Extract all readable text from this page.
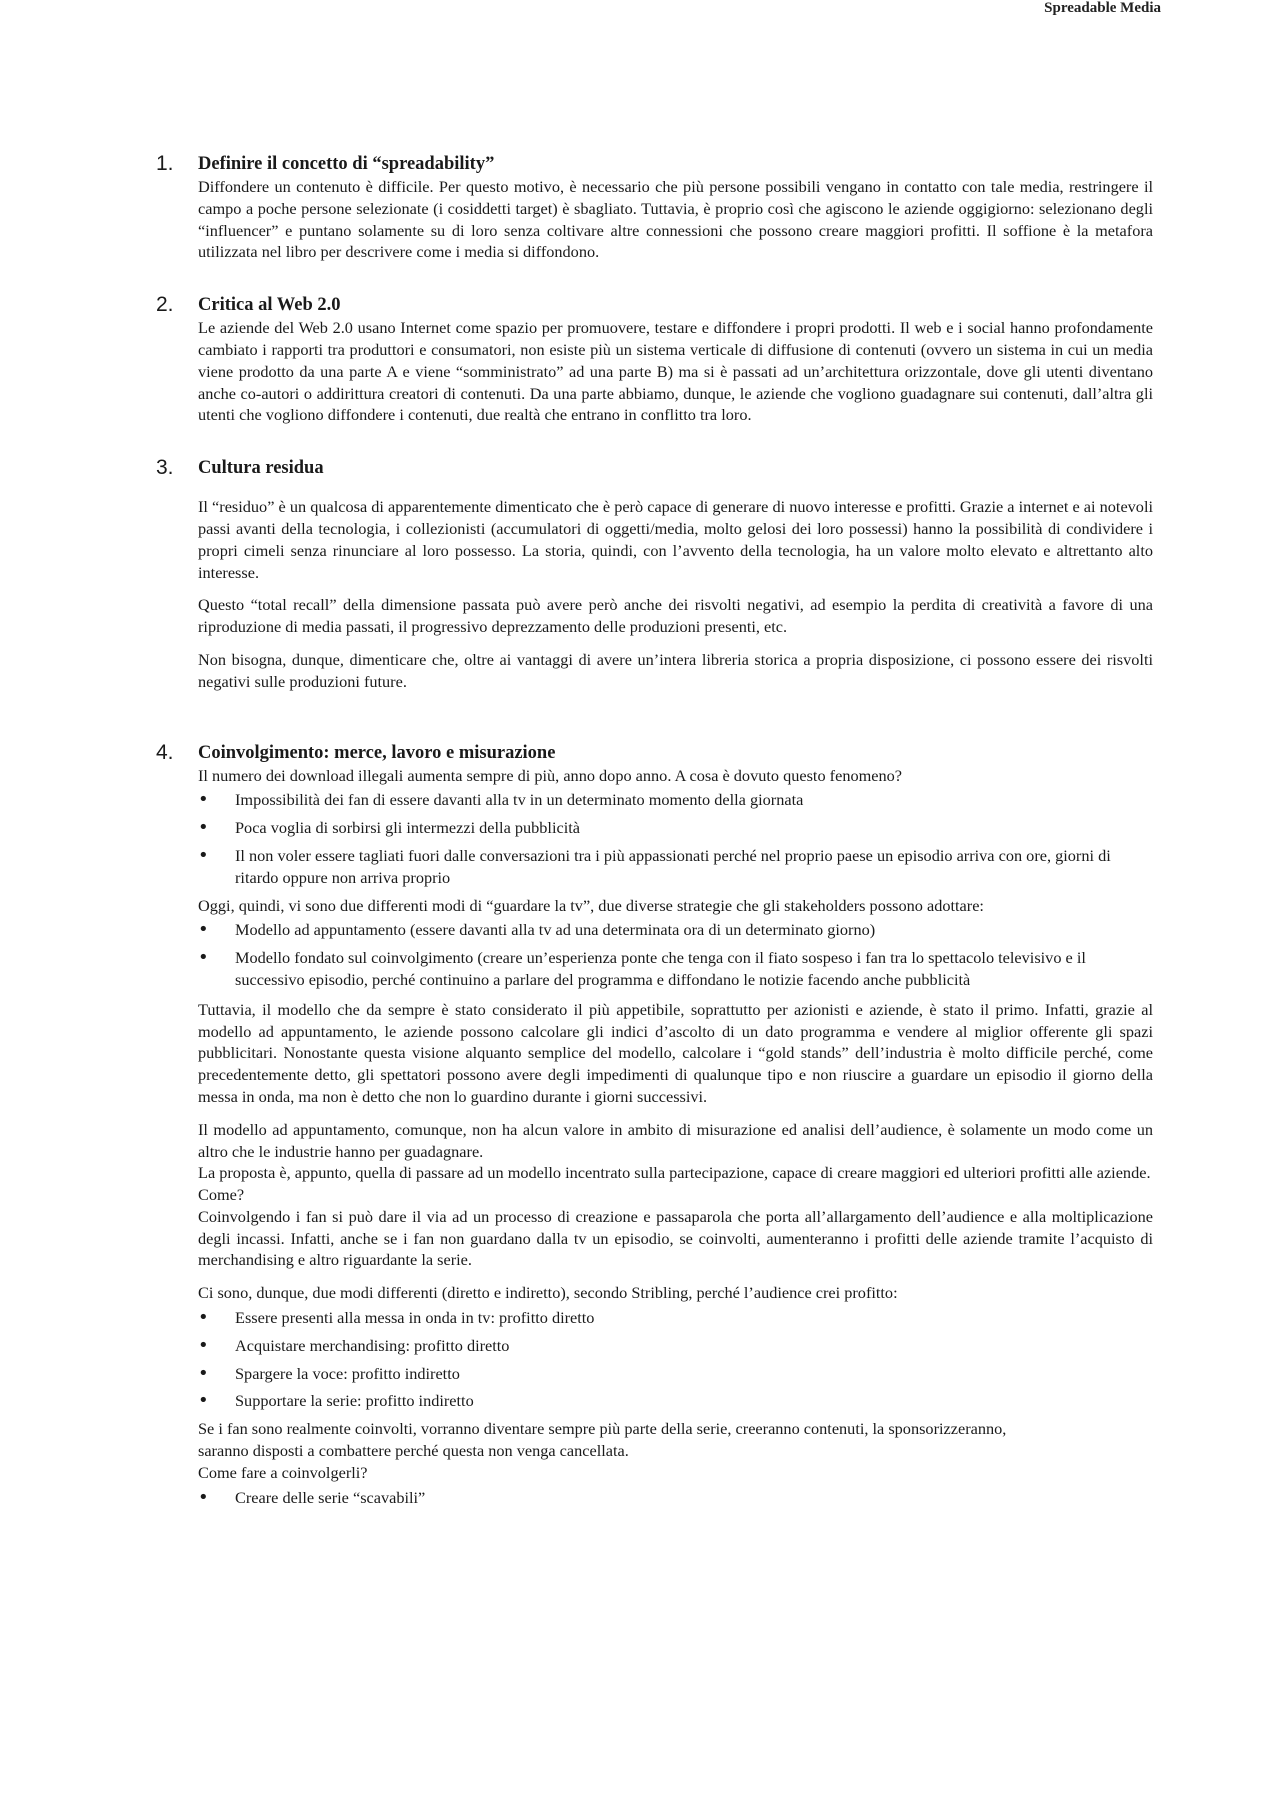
Spreadable Media
1. Definire il concetto di “spreadability”

Diffondere un contenuto è difficile. Per questo motivo, è necessario che più persone possibili vengano in contatto con tale media, restringere il campo a poche persone selezionate (i cosiddetti target) è sbagliato. Tuttavia, è proprio così che agiscono le aziende oggigiorno: selezionano degli “influencer” e puntano solamente su di loro senza coltivare altre connessioni che possono creare maggiori profitti. Il soffione è la metafora utilizzata nel libro per descrivere come i media si diffondono.

2. Critica al Web 2.0

Le aziende del Web 2.0 usano Internet come spazio per promuovere, testare e diffondere i propri prodotti. Il web e i social hanno profondamente cambiato i rapporti tra produttori e consumatori, non esiste più un sistema verticale di diffusione di contenuti (ovvero un sistema in cui un media viene prodotto da una parte A e viene “somministrato” ad una parte B) ma si è passati ad un’architettura orizzontale, dove gli utenti diventano anche co-autori o addirittura creatori di contenuti. Da una parte abbiamo, dunque, le aziende che vogliono guadagnare sui contenuti, dall’altra gli utenti che vogliono diffondere i contenuti, due realtà che entrano in conflitto tra loro.

3. Cultura residua

Il “residuo” è un qualcosa di apparentemente dimenticato che è però capace di generare di nuovo interesse e profitti. Grazie a internet e ai notevoli passi avanti della tecnologia, i collezionisti (accumulatori di oggetti/media, molto gelosi dei loro possessi) hanno la possibilità di condividere i propri cimeli senza rinunciare al loro possesso. La storia, quindi, con l’avvento della tecnologia, ha un valore molto elevato e altrettanto alto interesse.

Questo “total recall” della dimensione passata può avere però anche dei risvolti negativi, ad esempio la perdita di creatività a favore di una riproduzione di media passati, il progressivo deprezzamento delle produzioni presenti, etc.

Non bisogna, dunque, dimenticare che, oltre ai vantaggi di avere un’intera libreria storica a propria disposizione, ci possono essere dei risvolti negativi sulle produzioni future.

4. Coinvolgimento: merce, lavoro e misurazione

Il numero dei download illegali aumenta sempre di più, anno dopo anno. A cosa è dovuto questo fenomeno?

• Impossibilità dei fan di essere davanti alla tv in un determinato momento della giornata
• Poca voglia di sorbirsi gli intermezzi della pubblicità
• Il non voler essere tagliati fuori dalle conversazioni tra i più appassionati perché nel proprio paese un episodio arriva con ore, giorni di ritardo oppure non arriva proprio

Oggi, quindi, vi sono due differenti modi di “guardare la tv”, due diverse strategie che gli stakeholders possono adottare:

• Modello ad appuntamento (essere davanti alla tv ad una determinata ora di un determinato giorno)
• Modello fondato sul coinvolgimento (creare un’esperienza ponte che tenga con il fiato sospeso i fan tra lo spettacolo televisivo e il successivo episodio, perché continuino a parlare del programma e diffondano le notizie facendo anche pubblicità

Tuttavia, il modello che da sempre è stato considerato il più appetibile, soprattutto per azionisti e aziende, è stato il primo. Infatti, grazie al modello ad appuntamento, le aziende possono calcolare gli indici d’ascolto di un dato programma e vendere al miglior offerente gli spazi pubblicitari. Nonostante questa visione alquanto semplice del modello, calcolare i “gold stands” dell’industria è molto difficile perché, come precedentemente detto, gli spettatori possono avere degli impedimenti di qualunque tipo e non riuscire a guardare un episodio il giorno della messa in onda, ma non è detto che non lo guardino durante i giorni successivi.

Il modello ad appuntamento, comunque, non ha alcun valore in ambito di misurazione ed analisi dell’audience, è solamente un modo come un altro che le industrie hanno per guadagnare.

La proposta è, appunto, quella di passare ad un modello incentrato sulla partecipazione, capace di creare maggiori ed ulteriori profitti alle aziende.

Come?

Coinvolgendo i fan si può dare il via ad un processo di creazione e passaparola che porta all’allargamento dell’audience e alla moltiplicazione degli incassi. Infatti, anche se i fan non guardano dalla tv un episodio, se coinvolti, aumenteranno i profitti delle aziende tramite l’acquisto di merchandising e altro riguardante la serie.

Ci sono, dunque, due modi differenti (diretto e indiretto), secondo Stribling, perché l’audience crei profitto:

• Essere presenti alla messa in onda in tv: profitto diretto
• Acquistare merchandising: profitto diretto
• Spargere la voce: profitto indiretto
• Supportare la serie: profitto indiretto

Se i fan sono realmente coinvolti, vorranno diventare sempre più parte della serie, creeranno contenuti, la sponsorizzeranno, saranno disposti a combattere perché questa non venga cancellata.

Come fare a coinvolgerli?

• Creare delle serie “scavabili”
